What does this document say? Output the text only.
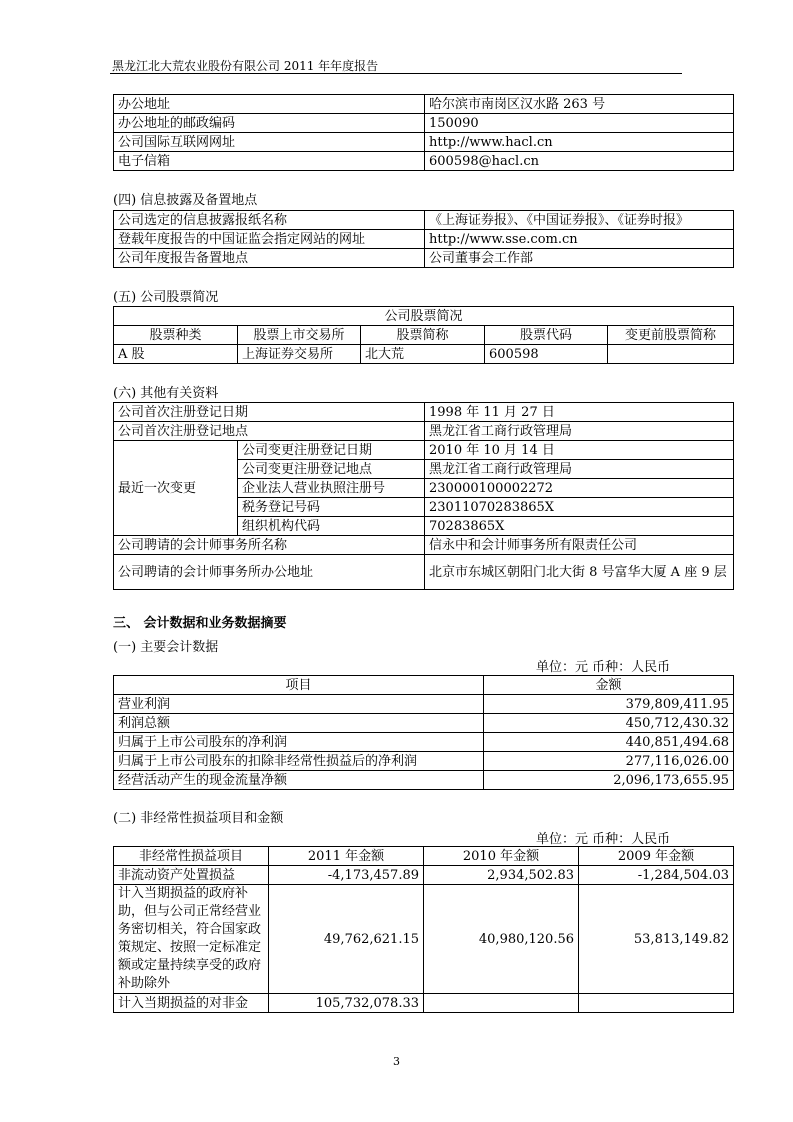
黑龙江北大荒农业股份有限公司 2011 年年度报告
办公地址	哈尔滨市南岗区汉水路 263 号
办公地址的邮政编码	150090
公司国际互联网网址	http://www.hacl.cn
电子信箱	600598@hacl.cn
(四) 信息披露及备置地点
公司选定的信息披露报纸名称	《上海证券报》、《中国证券报》、《证券时报》
登载年度报告的中国证监会指定网站的网址	http://www.sse.com.cn
公司年度报告备置地点	公司董事会工作部
(五) 公司股票简况
公司股票简况				
股票种类	股票上市交易所	股票简称	股票代码	变更前股票简称
A 股	上海证券交易所	北大荒	600598	
(六) 其他有关资料
公司首次注册登记日期		1998 年 11 月 27 日
公司首次注册登记地点		黑龙江省工商行政管理局
最近一次变更	公司变更注册登记日期	2010 年 10 月 14 日
	公司变更注册登记地点	黑龙江省工商行政管理局
	企业法人营业执照注册号	230000100002272
	税务登记号码	23011070283865X
	组织机构代码	70283865X
公司聘请的会计师事务所名称		信永中和会计师事务所有限责任公司
公司聘请的会计师事务所办公地址		北京市东城区朝阳门北大街 8 号富华大厦 A 座 9 层
三、 会计数据和业务数据摘要
(一) 主要会计数据
单位：元 币种：人民币
项目	金额
营业利润	379,809,411.95
利润总额	450,712,430.32
归属于上市公司股东的净利润	440,851,494.68
归属于上市公司股东的扣除非经常性损益后的净利润	277,116,026.00
经营活动产生的现金流量净额	2,096,173,655.95
(二) 非经常性损益项目和金额
单位：元 币种：人民币
非经常性损益项目	2011 年金额	2010 年金额	2009 年金额
非流动资产处置损益	-4,173,457.89	2,934,502.83	-1,284,504.03
计入当期损益的政府补助，但与公司正常经营业务密切相关，符合国家政策规定、按照一定标准定额或定量持续享受的政府补助除外	49,762,621.15	40,980,120.56	53,813,149.82
计入当期损益的对非金	105,732,078.33		
3
